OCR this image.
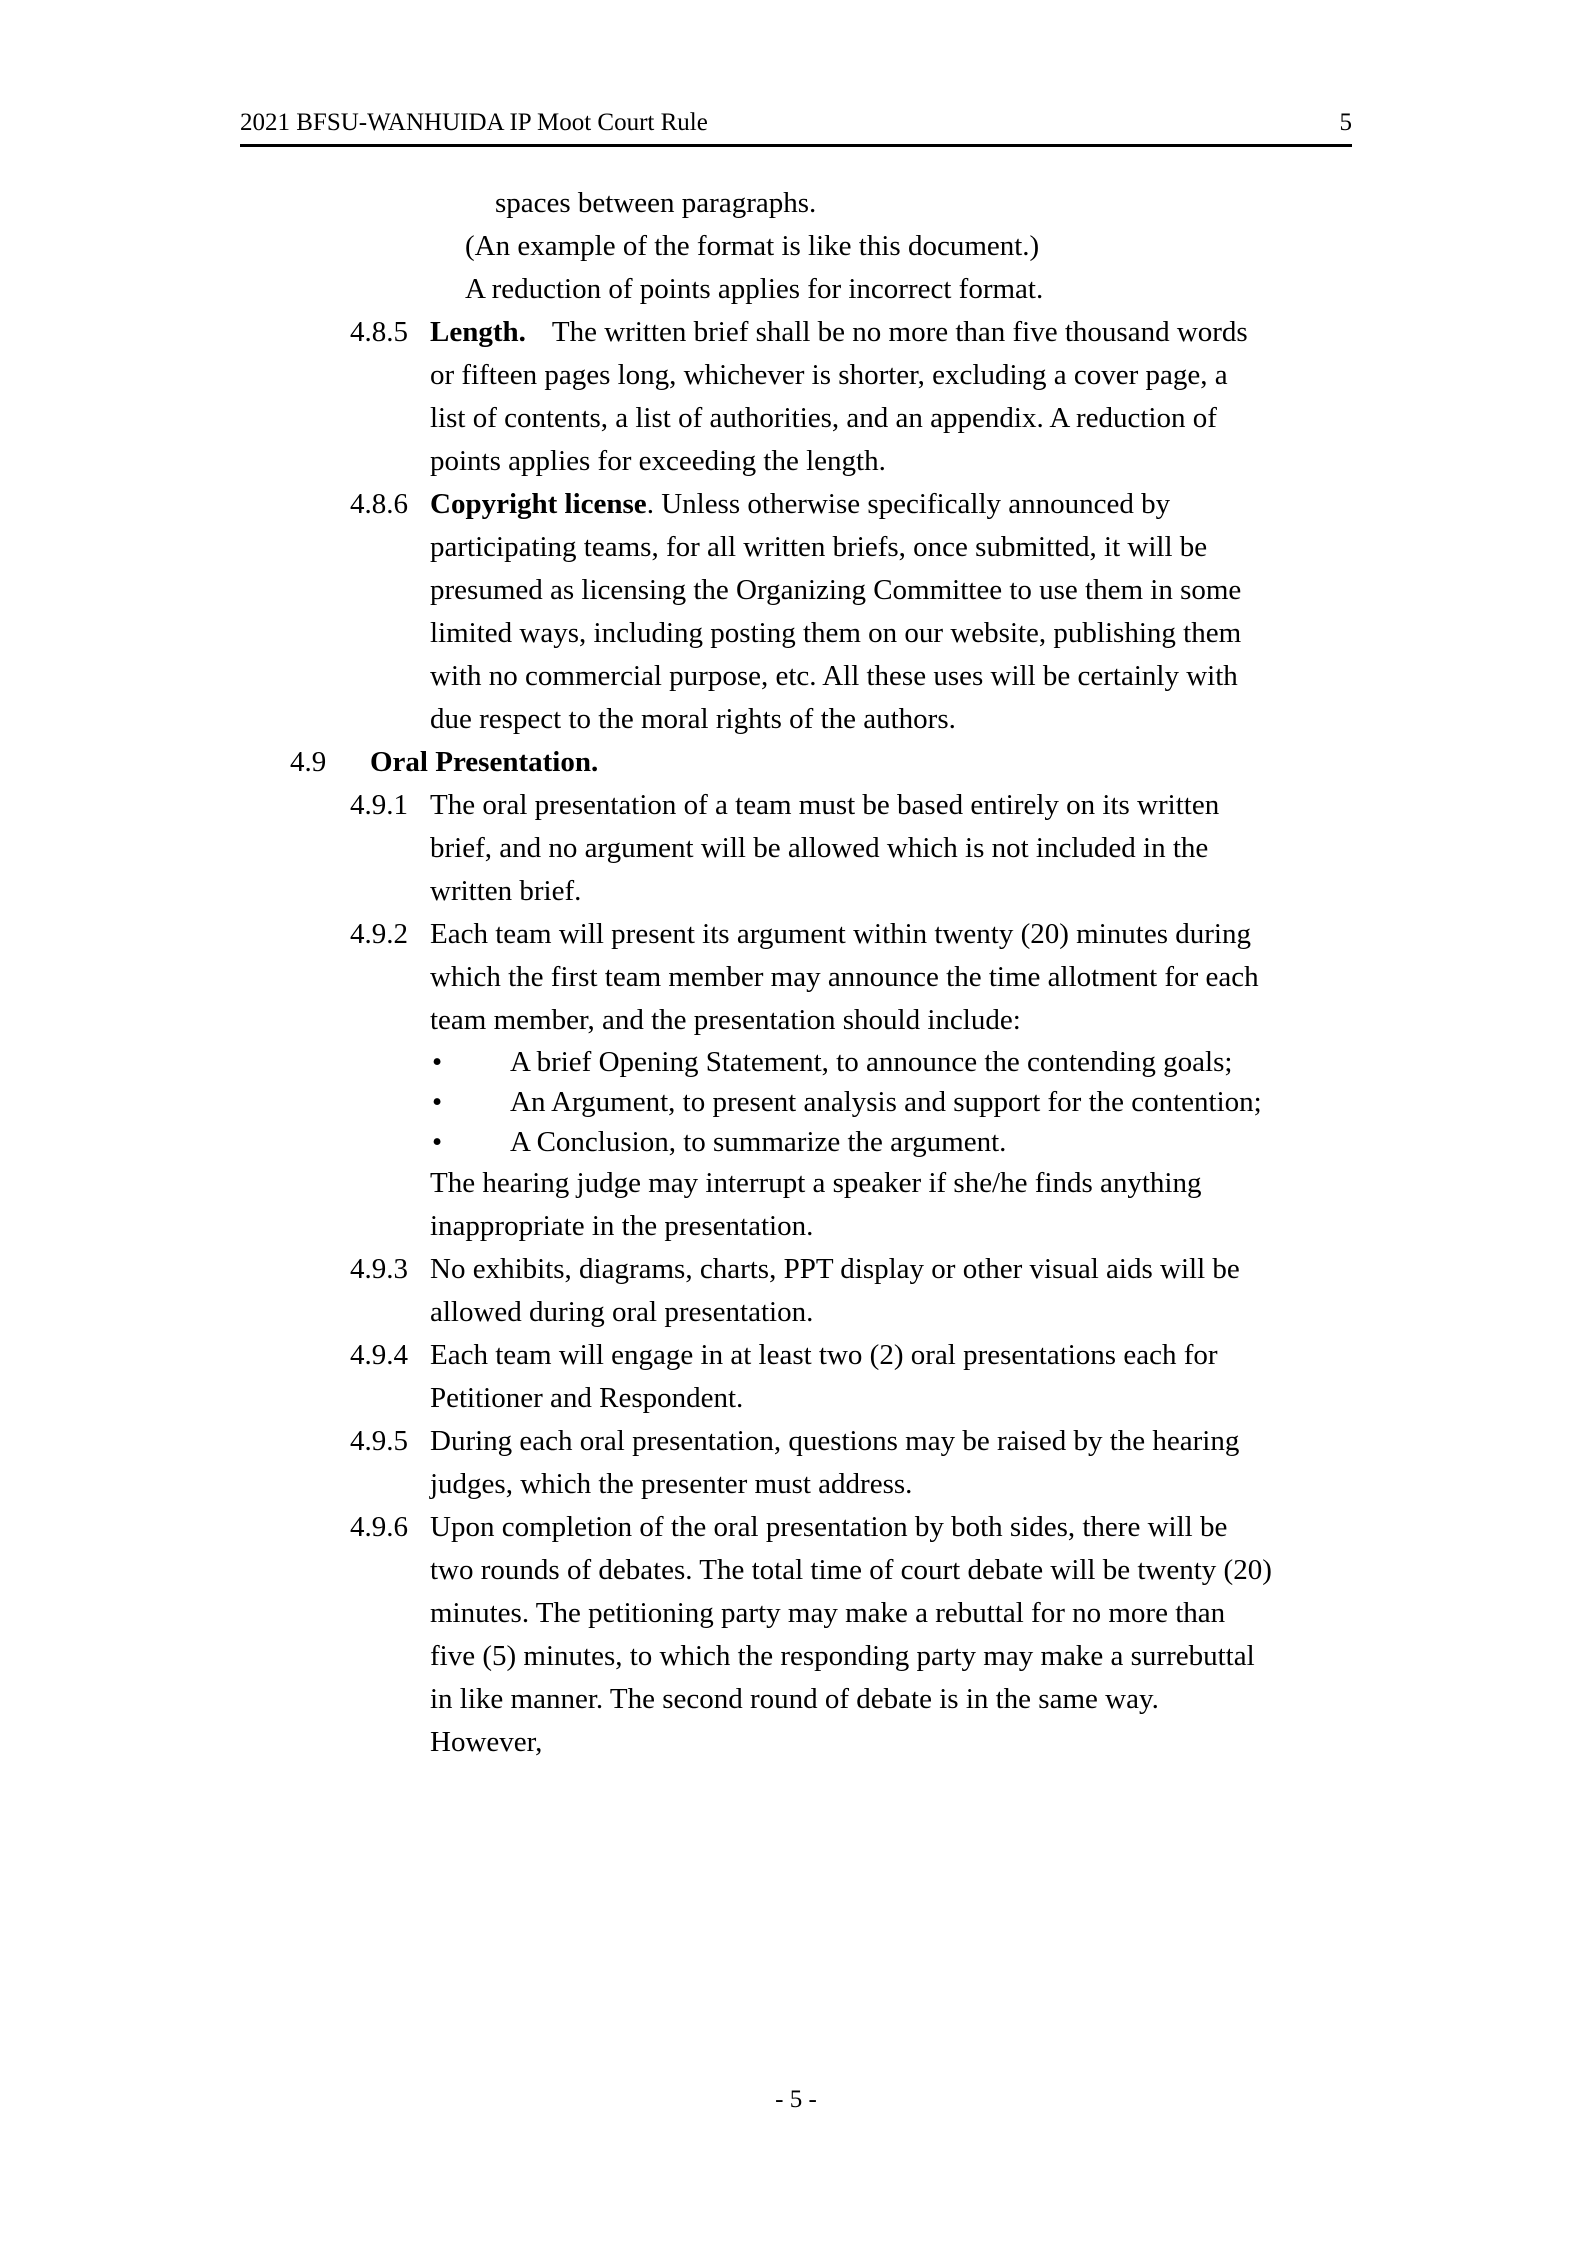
2021 BFSU-WANHUIDA IP Moot Court Rule	5

spaces between paragraphs.

(An example of the format is like this document.)

A reduction of points applies for incorrect format.

4.8.5 Length. The written brief shall be no more than five thousand words
or fifteen pages long, whichever is shorter, excluding a cover page, a
list of contents, a list of authorities, and an appendix. A reduction of
points applies for exceeding the length.
4.8.6 Copyright license. Unless otherwise specifically announced by
participating teams, for all written briefs, once submitted, it will be
presumed as licensing the Organizing Committee to use them in some
limited ways, including posting them on our website, publishing them
with no commercial purpose, etc. All these uses will be certainly with
due respect to the moral rights of the authors.
4.9	Oral Presentation.
4.9.1 The oral presentation of a team must be based entirely on its written
brief, and no argument will be allowed which is not included in the
written brief.
4.9.2 Each team will present its argument within twenty (20) minutes during
which the first team member may announce the time allotment for each
team member, and the presentation should include:
•	A brief Opening Statement, to announce the contending goals;
•	An Argument, to present analysis and support for the contention;
•	A Conclusion, to summarize the argument.
The hearing judge may interrupt a speaker if she/he finds anything
inappropriate in the presentation.
4.9.3 No exhibits, diagrams, charts, PPT display or other visual aids will be
allowed during oral presentation.
4.9.4 Each team will engage in at least two (2) oral presentations each for
Petitioner and Respondent.
4.9.5 During each oral presentation, questions may be raised by the hearing
judges, which the presenter must address.
4.9.6 Upon completion of the oral presentation by both sides, there will be
two rounds of debates. The total time of court debate will be twenty (20)
minutes. The petitioning party may make a rebuttal for no more than
five (5) minutes, to which the responding party may make a surrebuttal
in like manner. The second round of debate is in the same way.
However,
- 5 -
